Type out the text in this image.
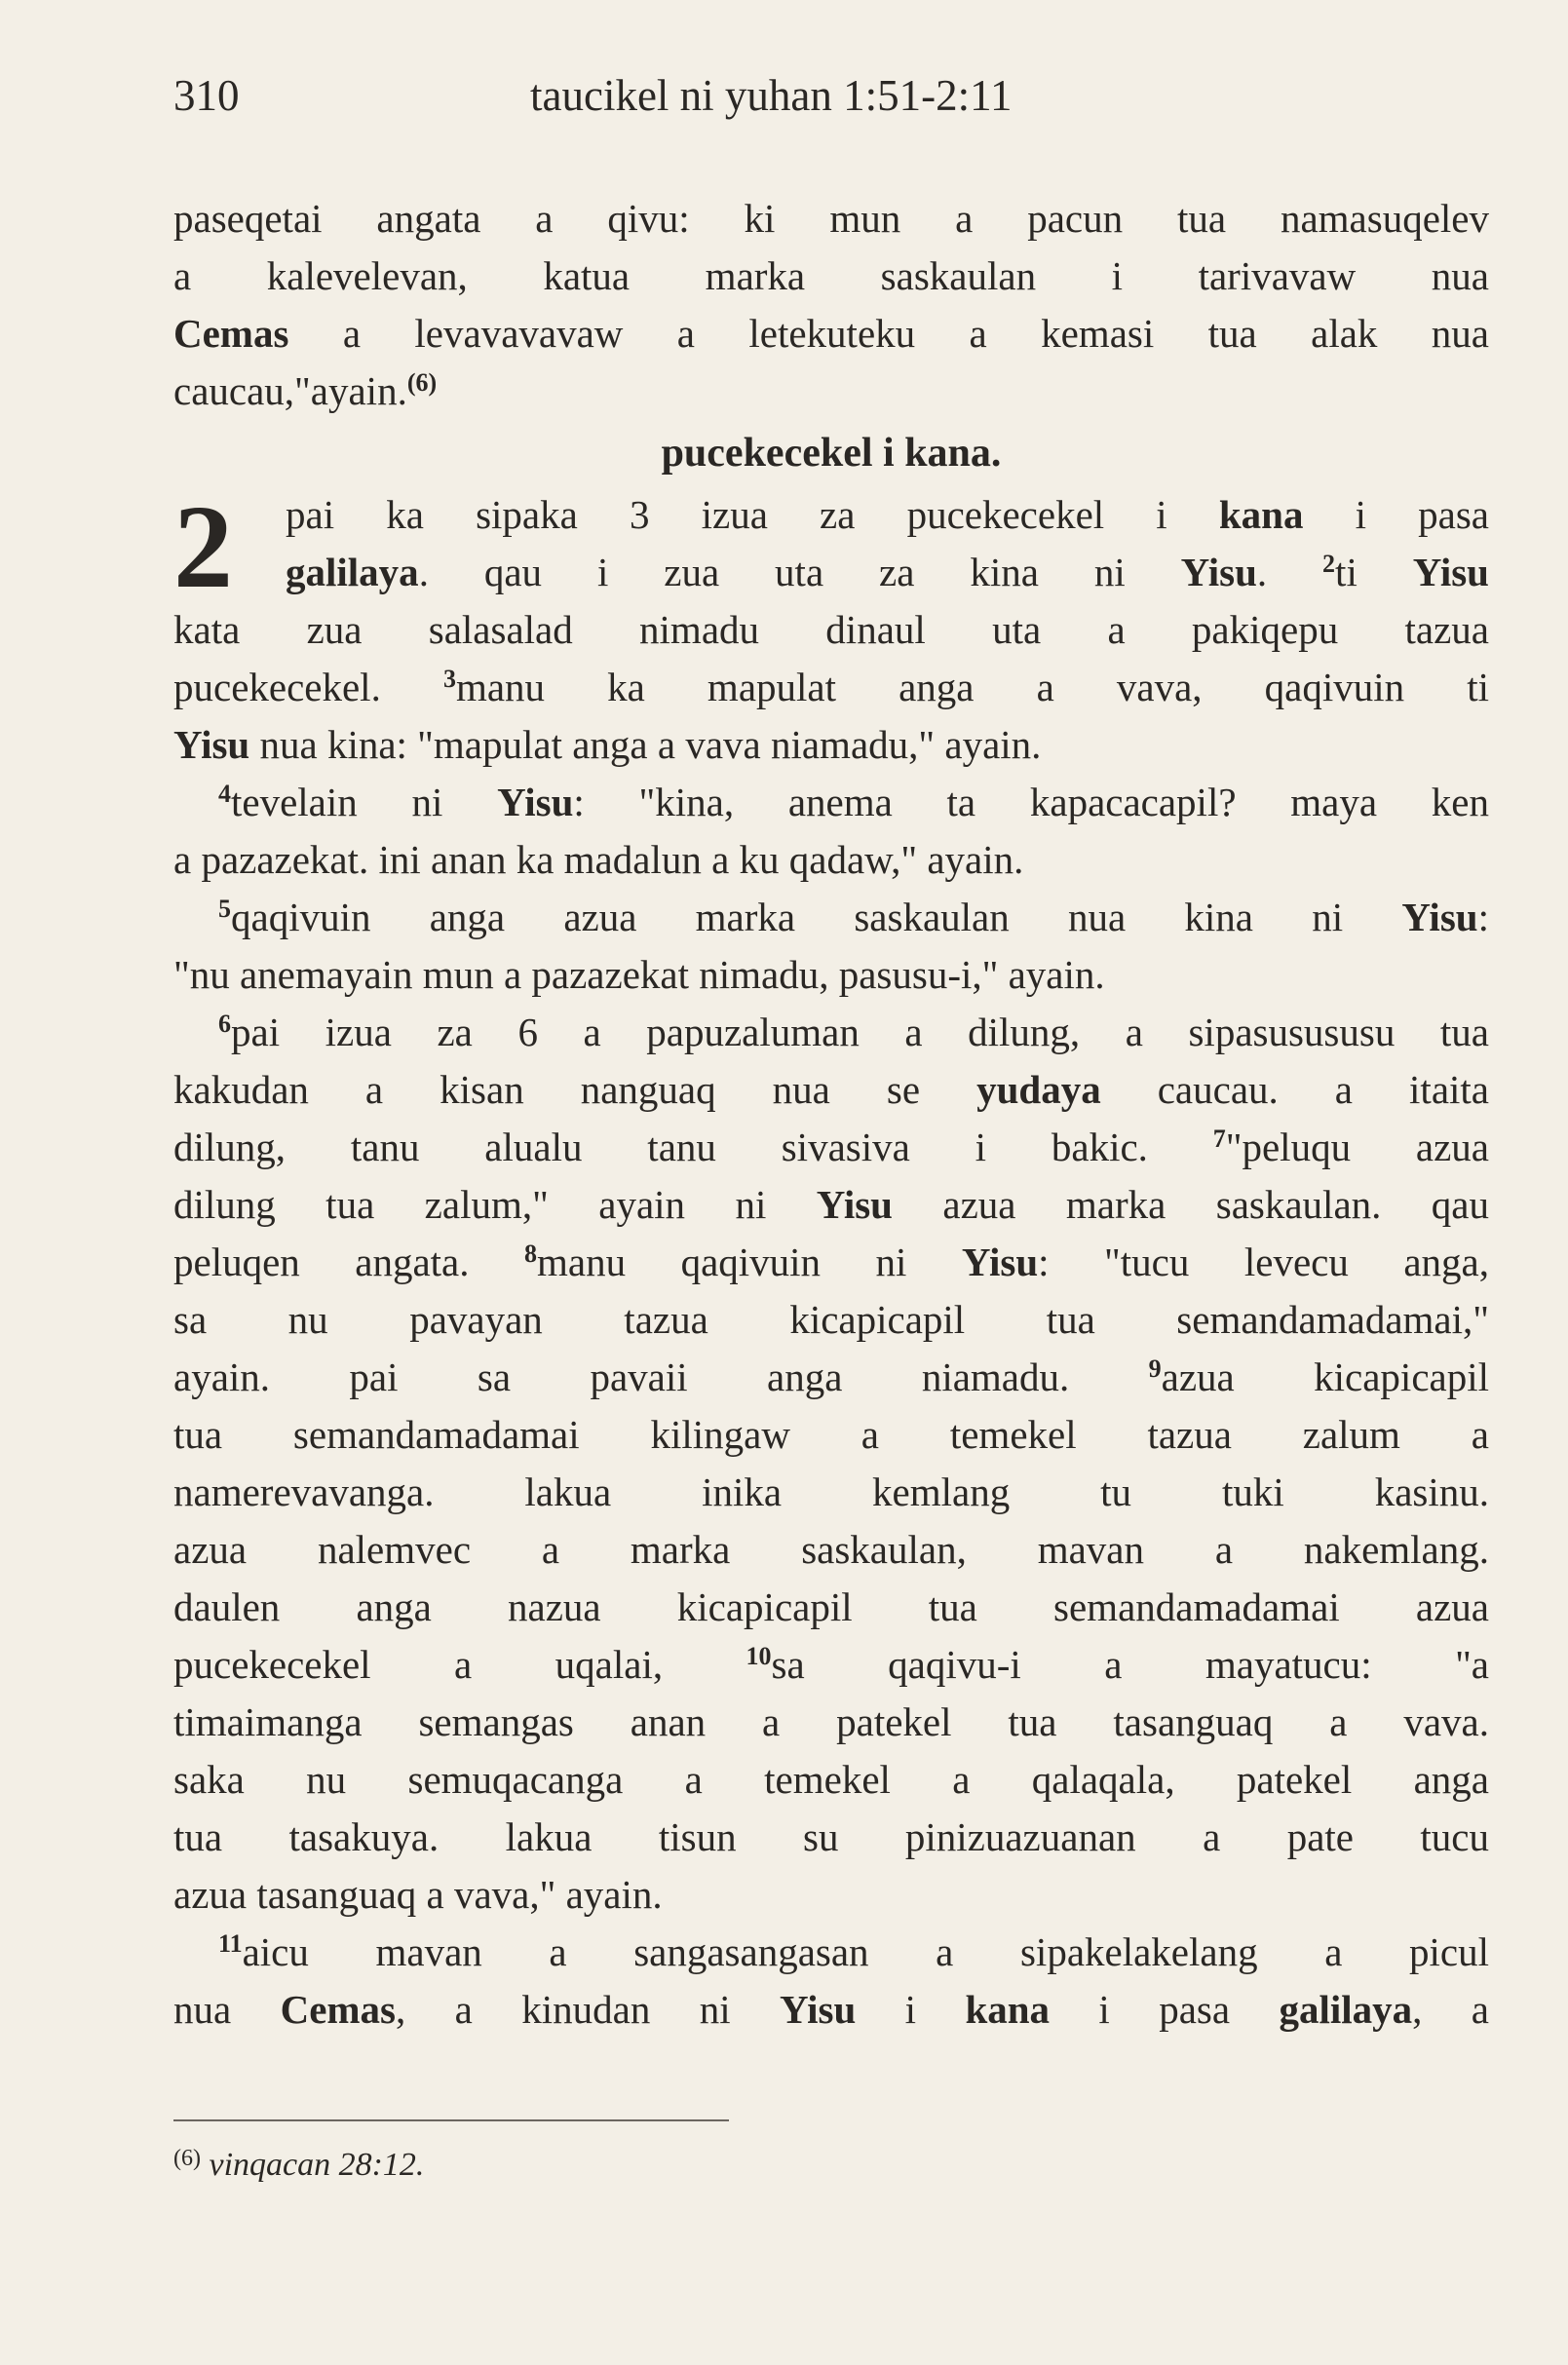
310	taucikel ni yuhan 1:51-2:11
paseqetai angata a qivu: ki mun a pacun tua namasuqelev
a kalevelevan, katua marka saskaulan i tarivavaw nua
Cemas a levavavavaw a letekuteku a kemasi tua alak nua
caucau,"ayain.$^{(6)}$
pucekecekel i kana.
2	pai ka sipaka 3 izua za pucekecekel i kana i pasa
galilaya. qau i zua uta za kina ni Yisu. $^2$ti Yisu
kata zua salasalad nimadu dinaul uta a pakiqepu tazua
pucekecekel. $^3$manu ka mapulat anga a vava, qaqivuin ti
Yisu nua kina: "mapulat anga a vava niamadu," ayain.
$^4$tevelain ni Yisu: "kina, anema ta kapacacapil? maya ken
a pazazekat. ini anan ka madalun a ku qadaw," ayain.
$^5$qaqivuin anga azua marka saskaulan nua kina ni Yisu:
"nu anemayain mun a pazazekat nimadu, pasusu-i," ayain.
$^6$pai izua za 6 a papuzaluman a dilung, a sipasusususu tua
kakudan a kisan nanguaq nua se yudaya caucau. a itaita
dilung, tanu alualu tanu sivasiva i bakic. $^7$"peluqu azua
dilung tua zalum," ayain ni Yisu azua marka saskaulan. qau
peluqen angata. $^8$manu qaqivuin ni Yisu: "tucu levecu anga,
sa nu pavayan tazua kicapicapil tua semandamadamai,"
ayain. pai sa pavaii anga niamadu. $^9$azua kicapicapil
tua semandamadamai kilingaw a temekel tazua zalum a
namerevavanga. lakua inika kemlang tu tuki kasinu.
azua nalemvec a marka saskaulan, mavan a nakemlang.
daulen anga nazua kicapicapil tua semandamadamai azua
pucekecekel a uqalai, $^{10}$sa qaqivu-i a mayatucu: "a
timaimanga semangas anan a patekel tua tasanguaq a vava.
saka nu semuqacanga a temekel a qalaqala, patekel anga
tua tasakuya. lakua tisun su pinizuazuanan a pate tucu
azua tasanguaq a vava," ayain.
$^{11}$aicu mavan a sangasangasan a sipakelakelang a picul
nua Cemas, a kinudan ni Yisu i kana i pasa galilaya, a
$^{(6)}$ vinqacan 28:12.
